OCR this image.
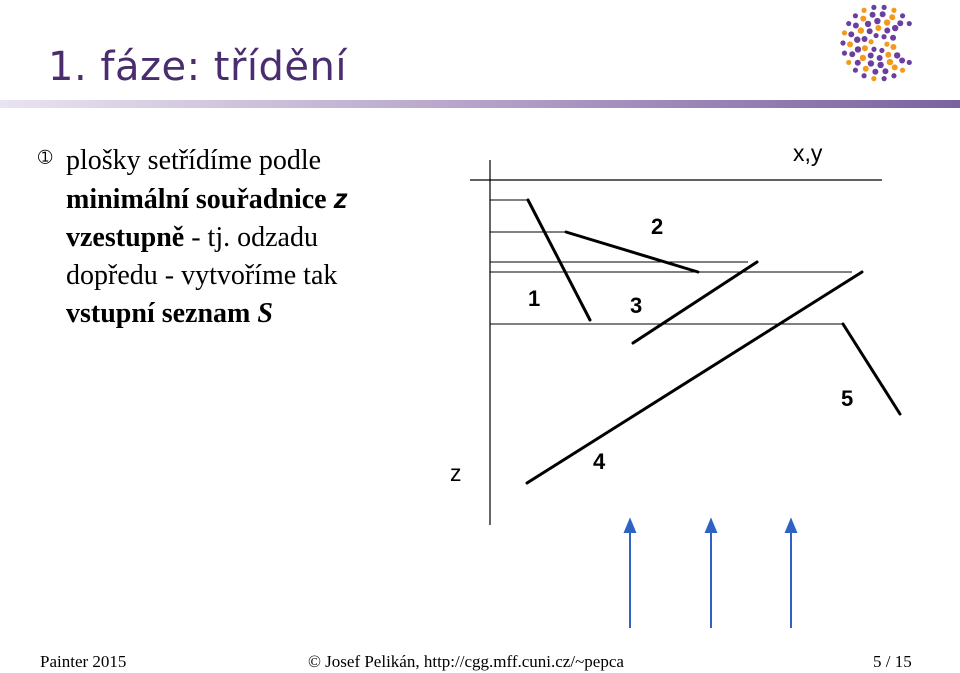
1. fáze: třídění
➀ plošky setřídíme podle
minimální souřadnice z
vzestupně - tj. odzadu
dopředu - vytvoříme tak
vstupní seznam S

x,y
z
1
2
3
4
5
Painter 2015	© Josef Pelikán, http://cgg.mff.cuni.cz/~pepca	5 / 15
